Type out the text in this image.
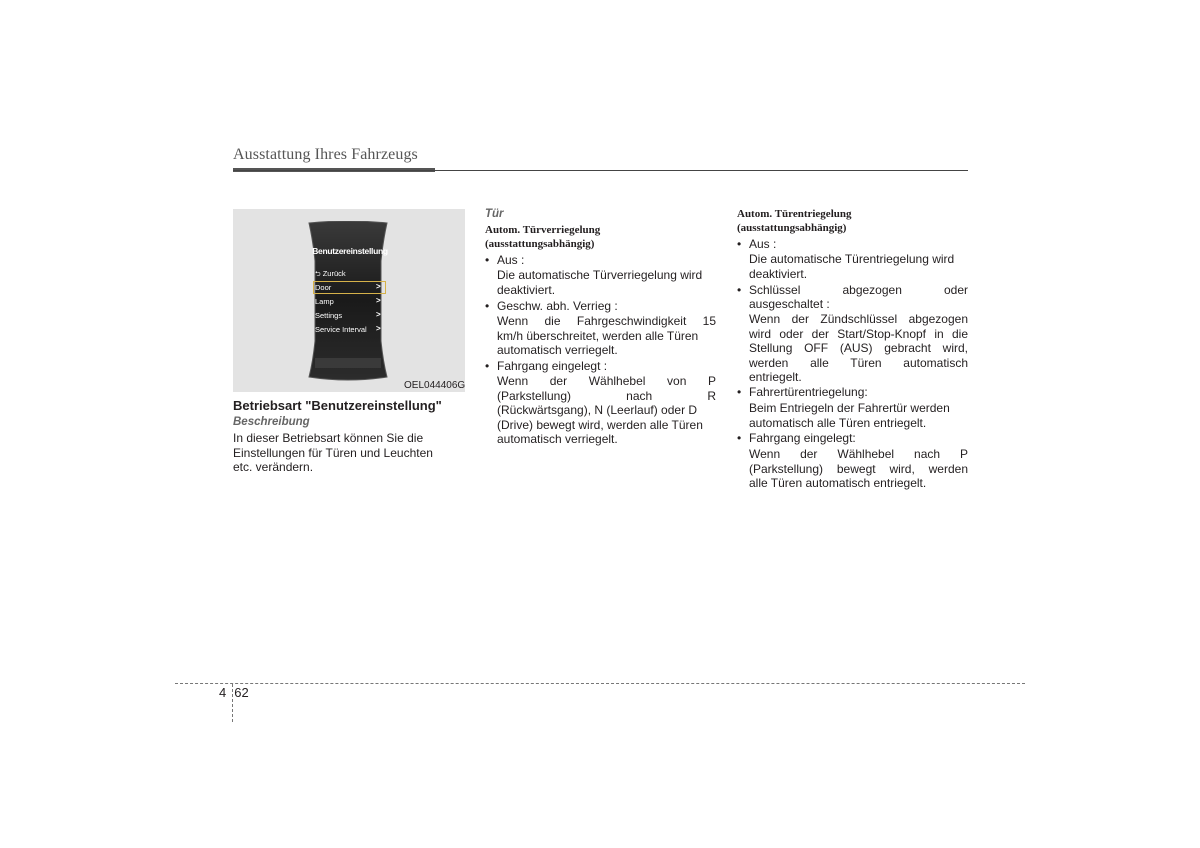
Ausstattung Ihres Fahrzeugs
Benutzereinstellung
⮌ Zurück
Door	>
Lamp	>
Settings	>
Service Interval >
OEL044406G
Betriebsart "Benutzereinstellung"
Beschreibung
In dieser Betriebsart können Sie die
Einstellungen für Türen und Leuchten
etc. verändern.
Tür
Autom. Türverriegelung
(ausstattungsabhängig)
• Aus :
Die automatische Türverriegelung wird
deaktiviert.
• Geschw. abh. Verrieg :
Wenn die Fahrgeschwindigkeit 15
km/h überschreitet, werden alle Türen
automatisch verriegelt.
• Fahrgang eingelegt :
Wenn der Wählhebel von P
(Parkstellung) nach R
(Rückwärtsgang), N (Leerlauf) oder D
(Drive) bewegt wird, werden alle Türen
automatisch verriegelt.
Autom. Türentriegelung
(ausstattungsabhängig)
• Aus :
Die automatische Türentriegelung wird
deaktiviert.
• Schlüssel abgezogen oder
ausgeschaltet :
Wenn der Zündschlüssel abgezogen
wird oder der Start/Stop-Knopf in die
Stellung OFF (AUS) gebracht wird,
werden alle Türen automatisch
entriegelt.
• Fahrertürentriegelung:
Beim Entriegeln der Fahrertür werden
automatisch alle Türen entriegelt.
• Fahrgang eingelegt:
Wenn der Wählhebel nach P
(Parkstellung) bewegt wird, werden
alle Türen automatisch entriegelt.
4 62
